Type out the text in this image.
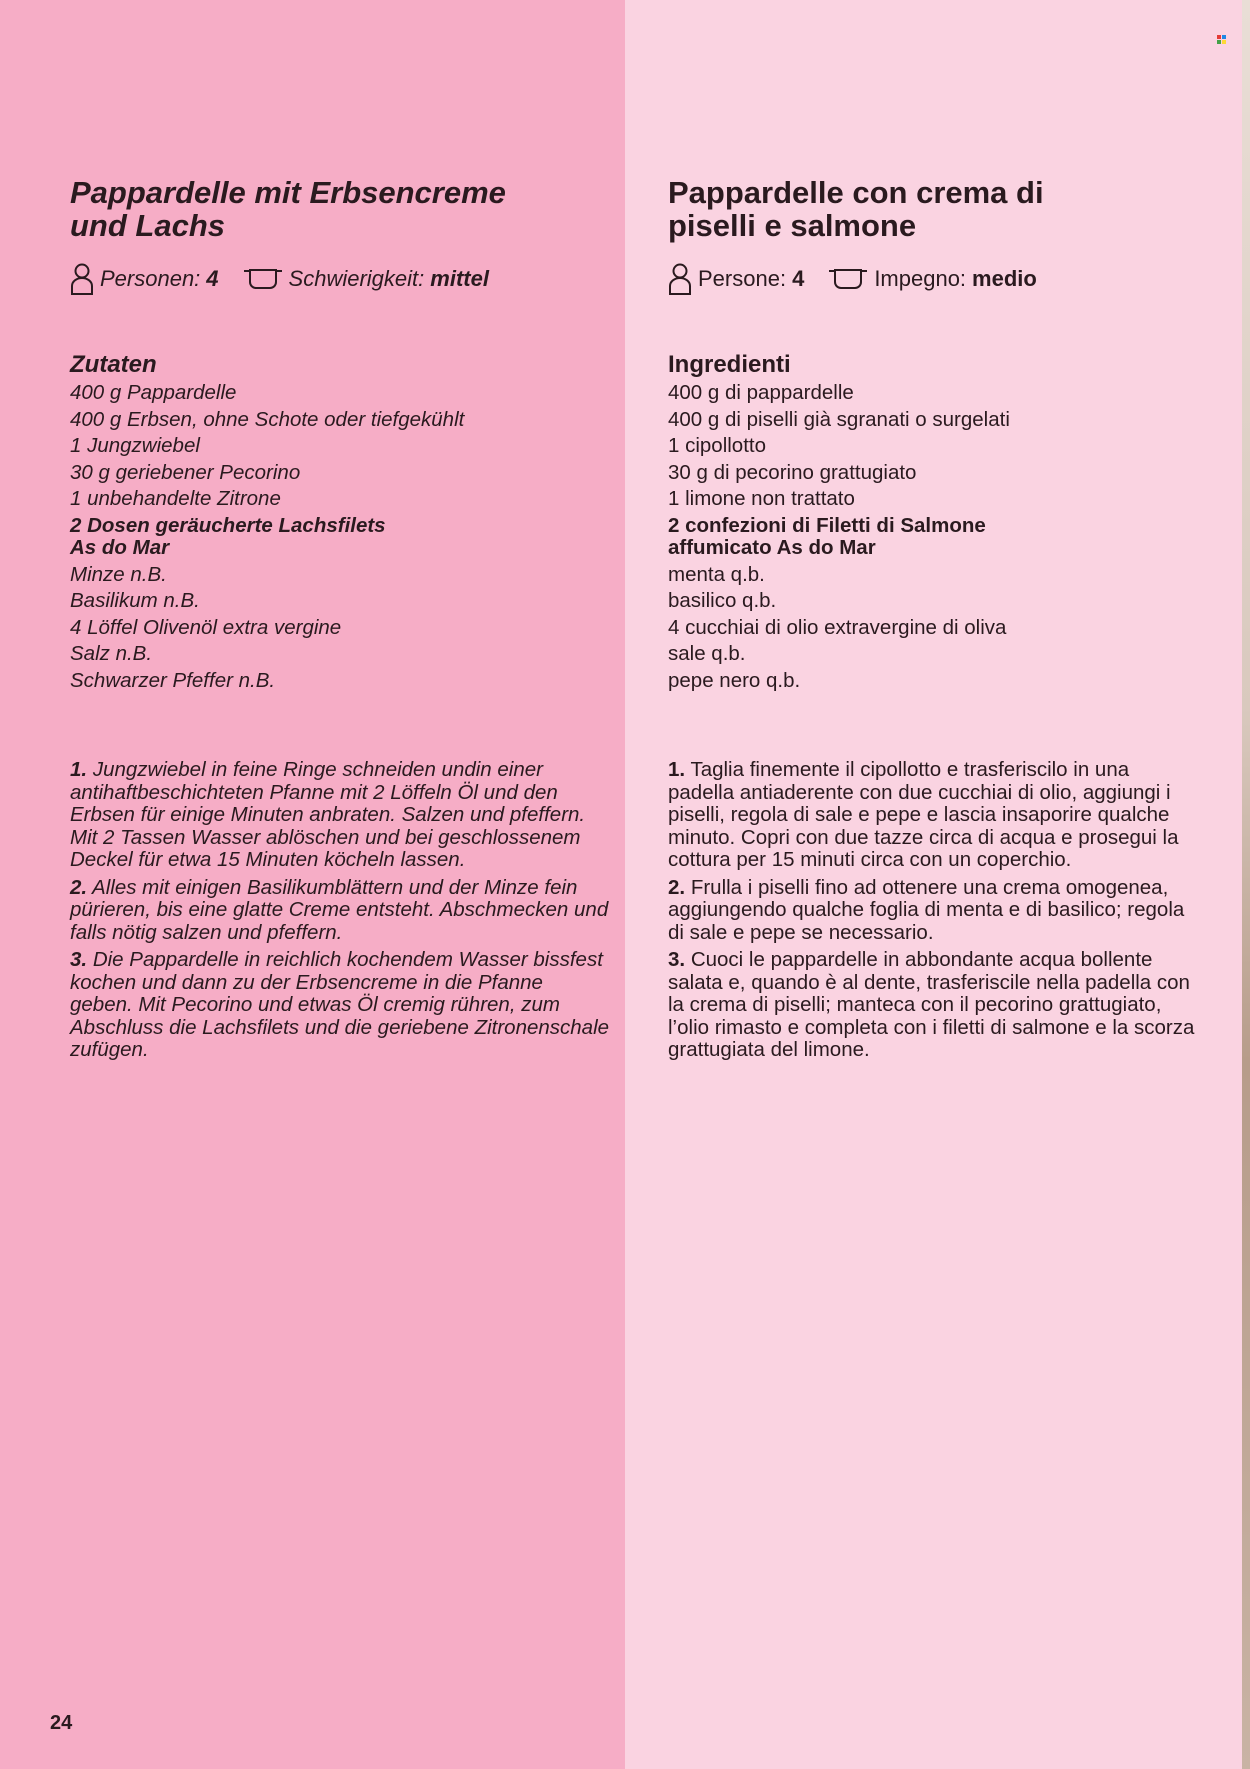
Pappardelle mit Erbsencreme und Lachs
Personen: 4	Schwierigkeit: mittel
Zutaten
400 g Pappardelle
400 g Erbsen, ohne Schote oder tiefgekühlt
1 Jungzwiebel
30 g geriebener Pecorino
1 unbehandelte Zitrone
2 Dosen geräucherte Lachsfilets As do Mar
Minze n.B.
Basilikum n.B.
4 Löffel Olivenöl extra vergine
Salz n.B.
Schwarzer Pfeffer n.B.
1. Jungzwiebel in feine Ringe schneiden undin einer antihaftbeschichteten Pfanne mit 2 Löffeln Öl und den Erbsen für einige Minuten anbraten. Salzen und pfeffern. Mit 2 Tassen Wasser ablöschen und bei geschlossenem Deckel für etwa 15 Minuten köcheln lassen.
2. Alles mit einigen Basilikumblättern und der Minze fein pürieren, bis eine glatte Creme entsteht. Abschmecken und falls nötig salzen und pfeffern.
3. Die Pappardelle in reichlich kochendem Wasser bissfest kochen und dann zu der Erbsencreme in die Pfanne geben. Mit Pecorino und etwas Öl cremig rühren, zum Abschluss die Lachsfilets und die geriebene Zitronenschale zufügen.
Pappardelle con crema di piselli e salmone
Persone: 4	Impegno: medio
Ingredienti
400 g di pappardelle
400 g di piselli già sgranati o surgelati
1 cipollotto
30 g di pecorino grattugiato
1 limone non trattato
2 confezioni di Filetti di Salmone affumicato As do Mar
menta q.b.
basilico q.b.
4 cucchiai di olio extravergine di oliva
sale q.b.
pepe nero q.b.
1. Taglia finemente il cipollotto e trasferiscilo in una padella antiaderente con due cucchiai di olio, aggiungi i piselli, regola di sale e pepe e lascia insaporire qualche minuto. Copri con due tazze circa di acqua e prosegui la cottura per 15 minuti circa con un coperchio.
2. Frulla i piselli fino ad ottenere una crema omogenea, aggiungendo qualche foglia di menta e di basilico; regola di sale e pepe se necessario.
3. Cuoci le pappardelle in abbondante acqua bollente salata e, quando è al dente, trasferiscile nella padella con la crema di piselli; manteca con il pecorino grattugiato, l’olio rimasto e completa con i filetti di salmone e la scorza grattugiata del limone.
24
